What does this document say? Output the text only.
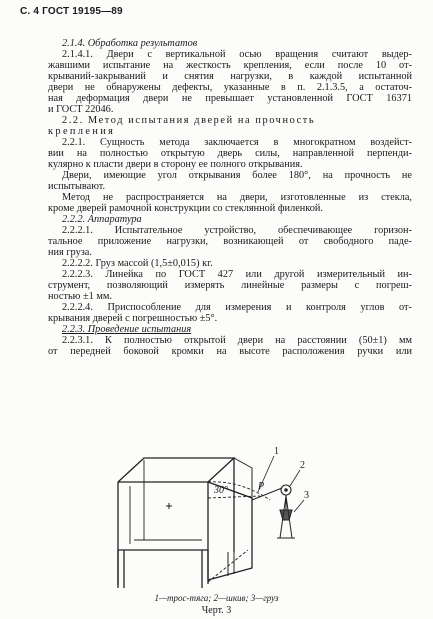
С. 4 ГОСТ 19195—89
2.1.4. Обработка результатов
2.1.4.1. Двери с вертикальной осью вращения считают выдер-
жавшими испытание на жесткость крепления, если после 10 от-
крываний-закрываний и снятия нагрузки, в каждой испытанной
двери не обнаружены дефекты, указанные в п. 2.1.3.5, а остаточ-
ная деформация двери не превышает установленной ГОСТ 16371
и ГОСТ 22046.
2.2. Метод испытания дверей на прочность
крепления
2.2.1. Сущность метода заключается в многократном воздейст-
вии на полностью открытую дверь силы, направленной перпенди-
кулярно к пласти двери в сторону ее полного открывания.
Двери, имеющие угол открывания более 180°, на прочность не
испытывают.
Метод не распространяется на двери, изготовленные из стекла,
кроме дверей рамочной конструкции со стеклянной филенкой.
2.2.2. Аппаратура
2.2.2.1. Испытательное устройство, обеспечивающее горизон-
тальное приложение нагрузки, возникающей от свободного паде-
ния груза.
2.2.2.2. Груз массой (1,5±0,015) кг.
2.2.2.3. Линейка по ГОСТ 427 или другой измерительный ин-
струмент, позволяющий измерять линейные размеры с погреш-
ностью ±1 мм.
2.2.2.4. Приспособление для измерения и контроля углов от-
крывания дверей с погрешностью ±5°.
2.2.3. Проведение испытания
2.2.3.1. К полностью открытой двери на расстоянии (50±1) мм
от передней боковой кромки на высоте расположения ручки или
30°	P
1
2
3
1—трос-тяга; 2—шкив; 3—груз
Черт. 3
